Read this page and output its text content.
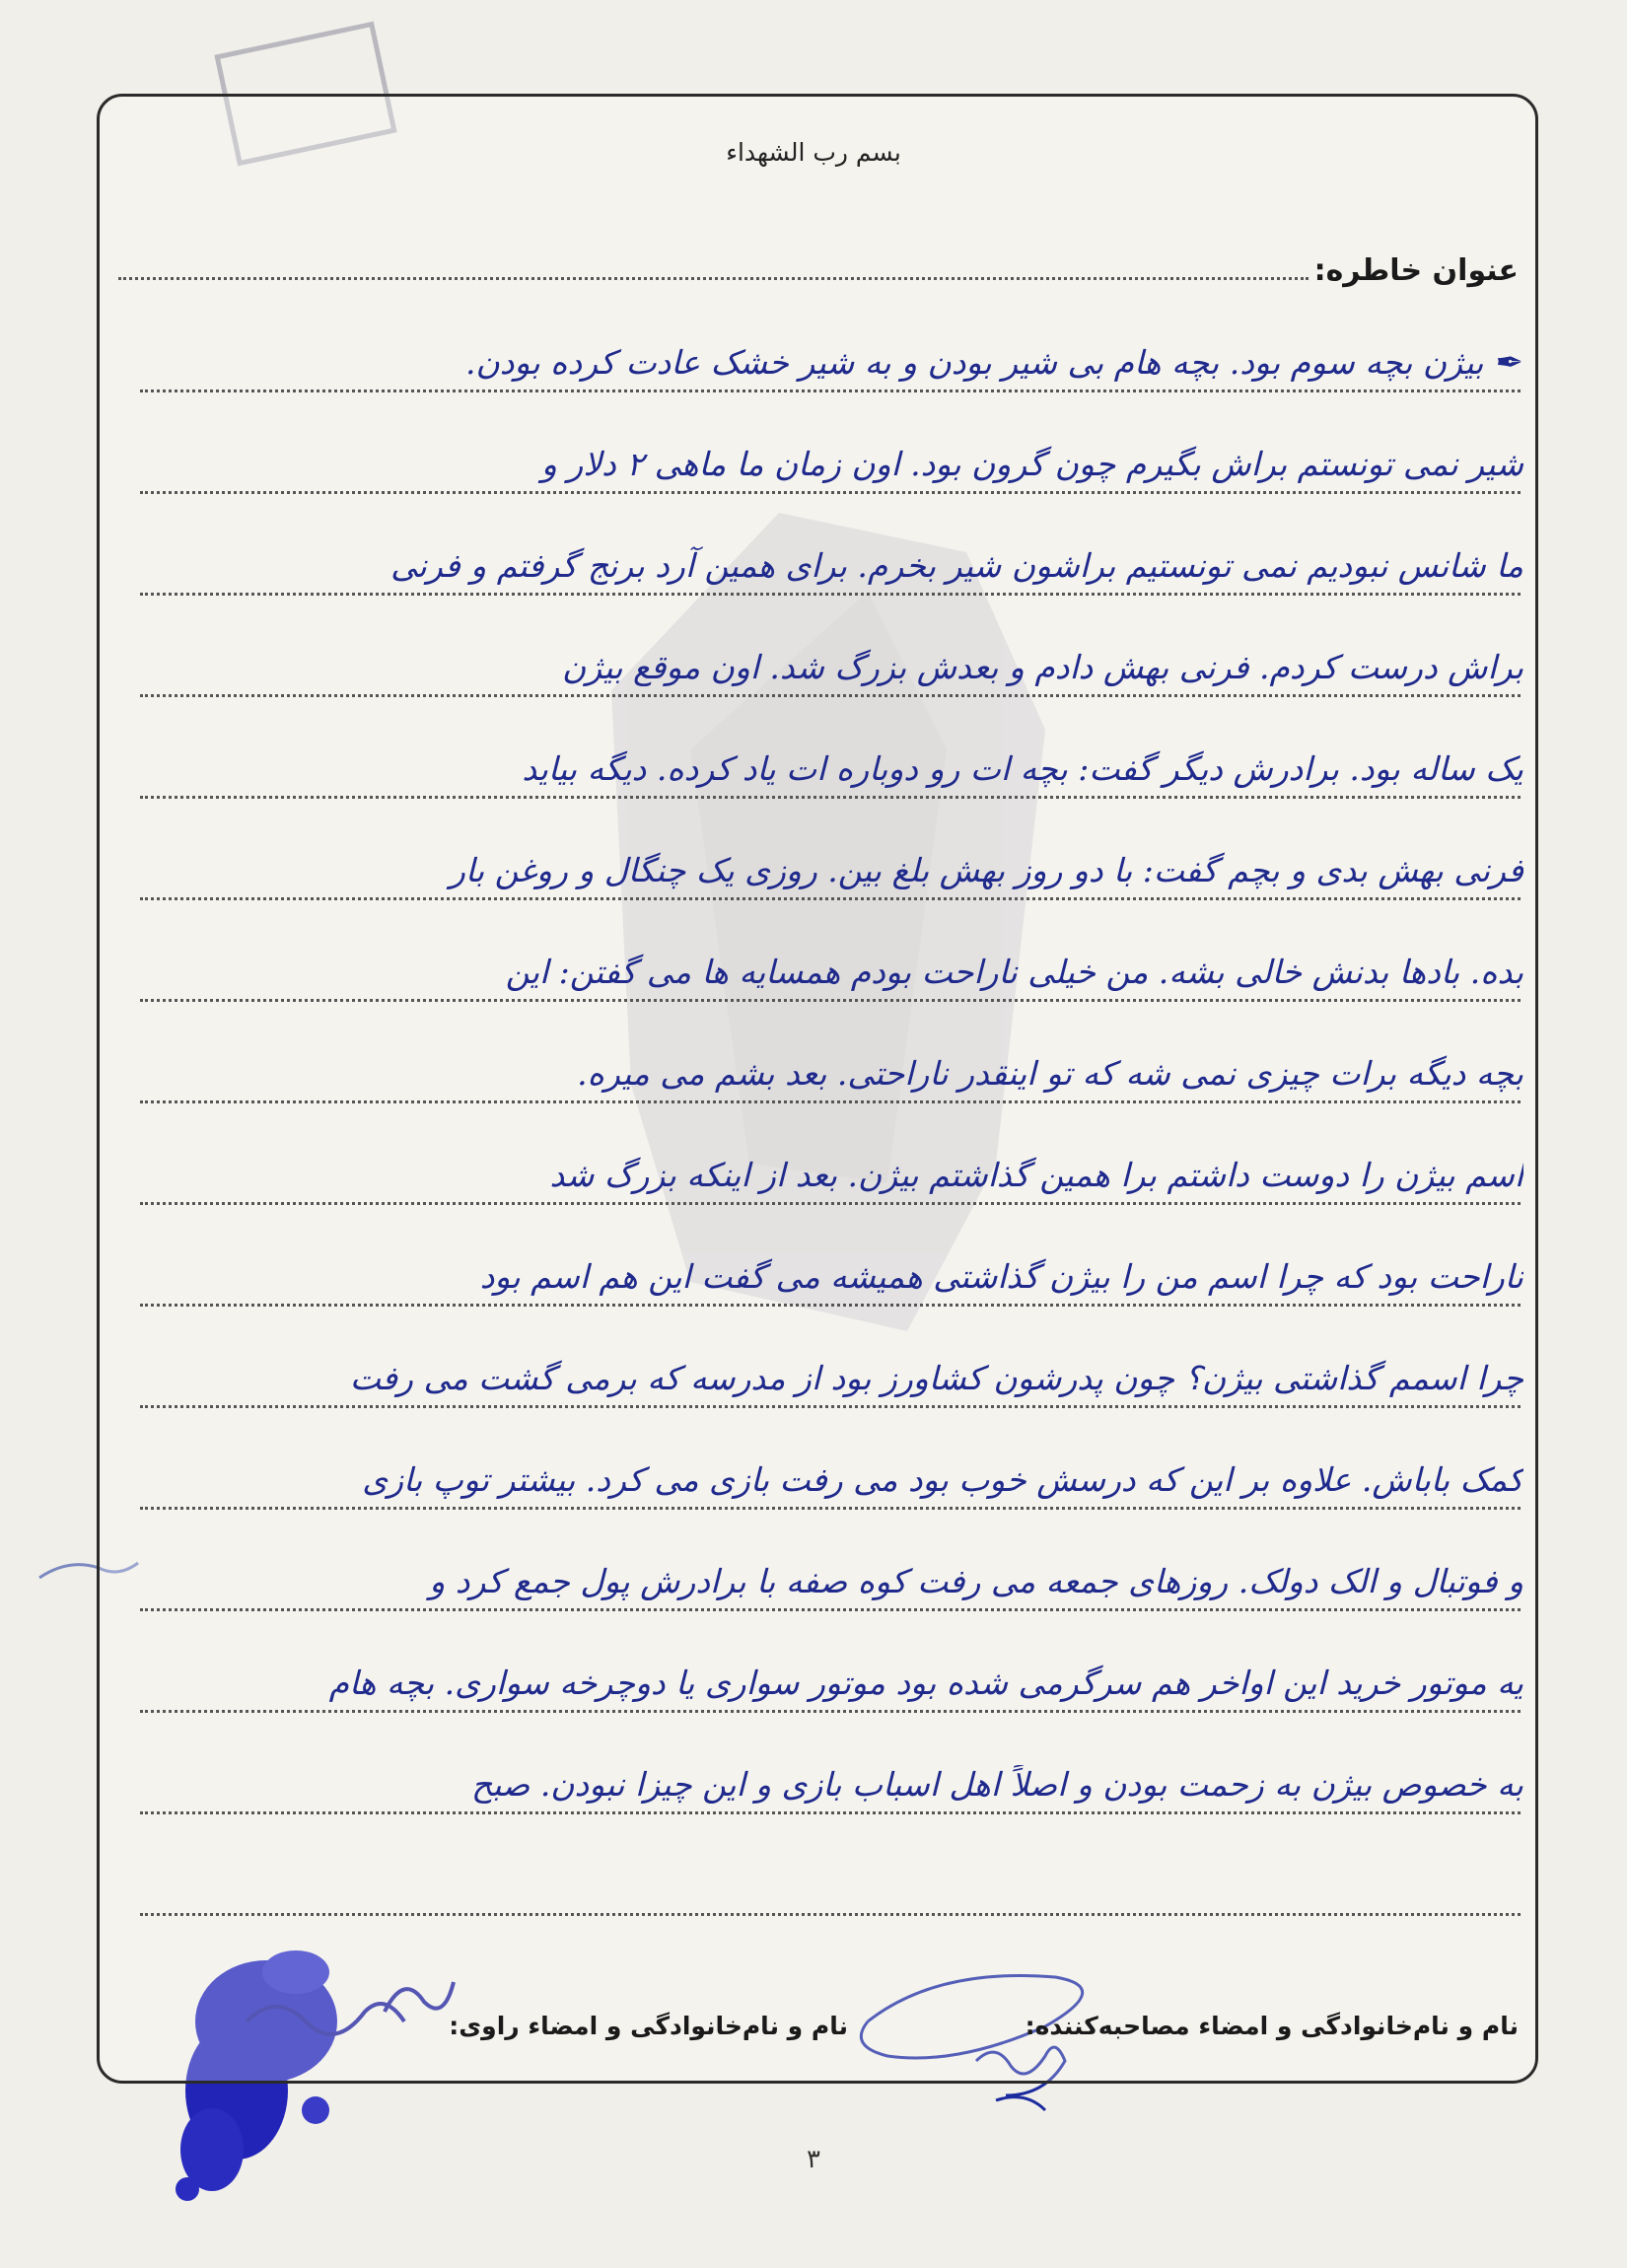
بسم رب الشهداء
عنوان خاطره:
✒بیژن بچه سوم بود. بچه هام بی شیر بودن و به شیر خشک عادت کرده بودن.
شیر نمی تونستم براش بگیرم چون گرون بود. اون زمان ما ماهی ۲ دلار و
ما شانس نبودیم نمی تونستیم براشون شیر بخرم. برای همین آرد برنج گرفتم و فرنی
براش درست کردم. فرنی بهش دادم و بعدش بزرگ شد. اون موقع بیژن
یک ساله بود. برادرش دیگر گفت: بچه ات رو دوباره ات یاد کرده. دیگه بیاید
فرنی بهش بدی و بچم گفت: با دو روز بهش بلغ بین. روزی یک چنگال و روغن بار
بده. بادها بدنش خالی بشه. من خیلی ناراحت بودم همسایه ها می گفتن: این
بچه دیگه برات چیزی نمی شه که تو اینقدر ناراحتی. بعد بشم می میره.
اسم بیژن را دوست داشتم برا همین گذاشتم بیژن. بعد از اینکه بزرگ شد
ناراحت بود که چرا اسم من را بیژن گذاشتی همیشه می گفت این هم اسم بود
چرا اسمم گذاشتی بیژن؟ چون پدرشون کشاورز بود از مدرسه که برمی گشت می رفت
کمک باباش. علاوه بر این که درسش خوب بود می رفت بازی می کرد. بیشتر توپ بازی
و فوتبال و الک دولک. روزهای جمعه می رفت کوه صفه با برادرش پول جمع کرد و
یه موتور خرید این اواخر هم سرگرمی شده بود موتور سواری یا دوچرخه سواری. بچه هام
به خصوص بیژن به زحمت بودن و اصلاً اهل اسباب بازی و این چیزا نبودن. صبح
نام و نام‌خانوادگی و امضاء مصاحبه‌کننده:
نام و نام‌خانوادگی و امضاء راوی:
۳
